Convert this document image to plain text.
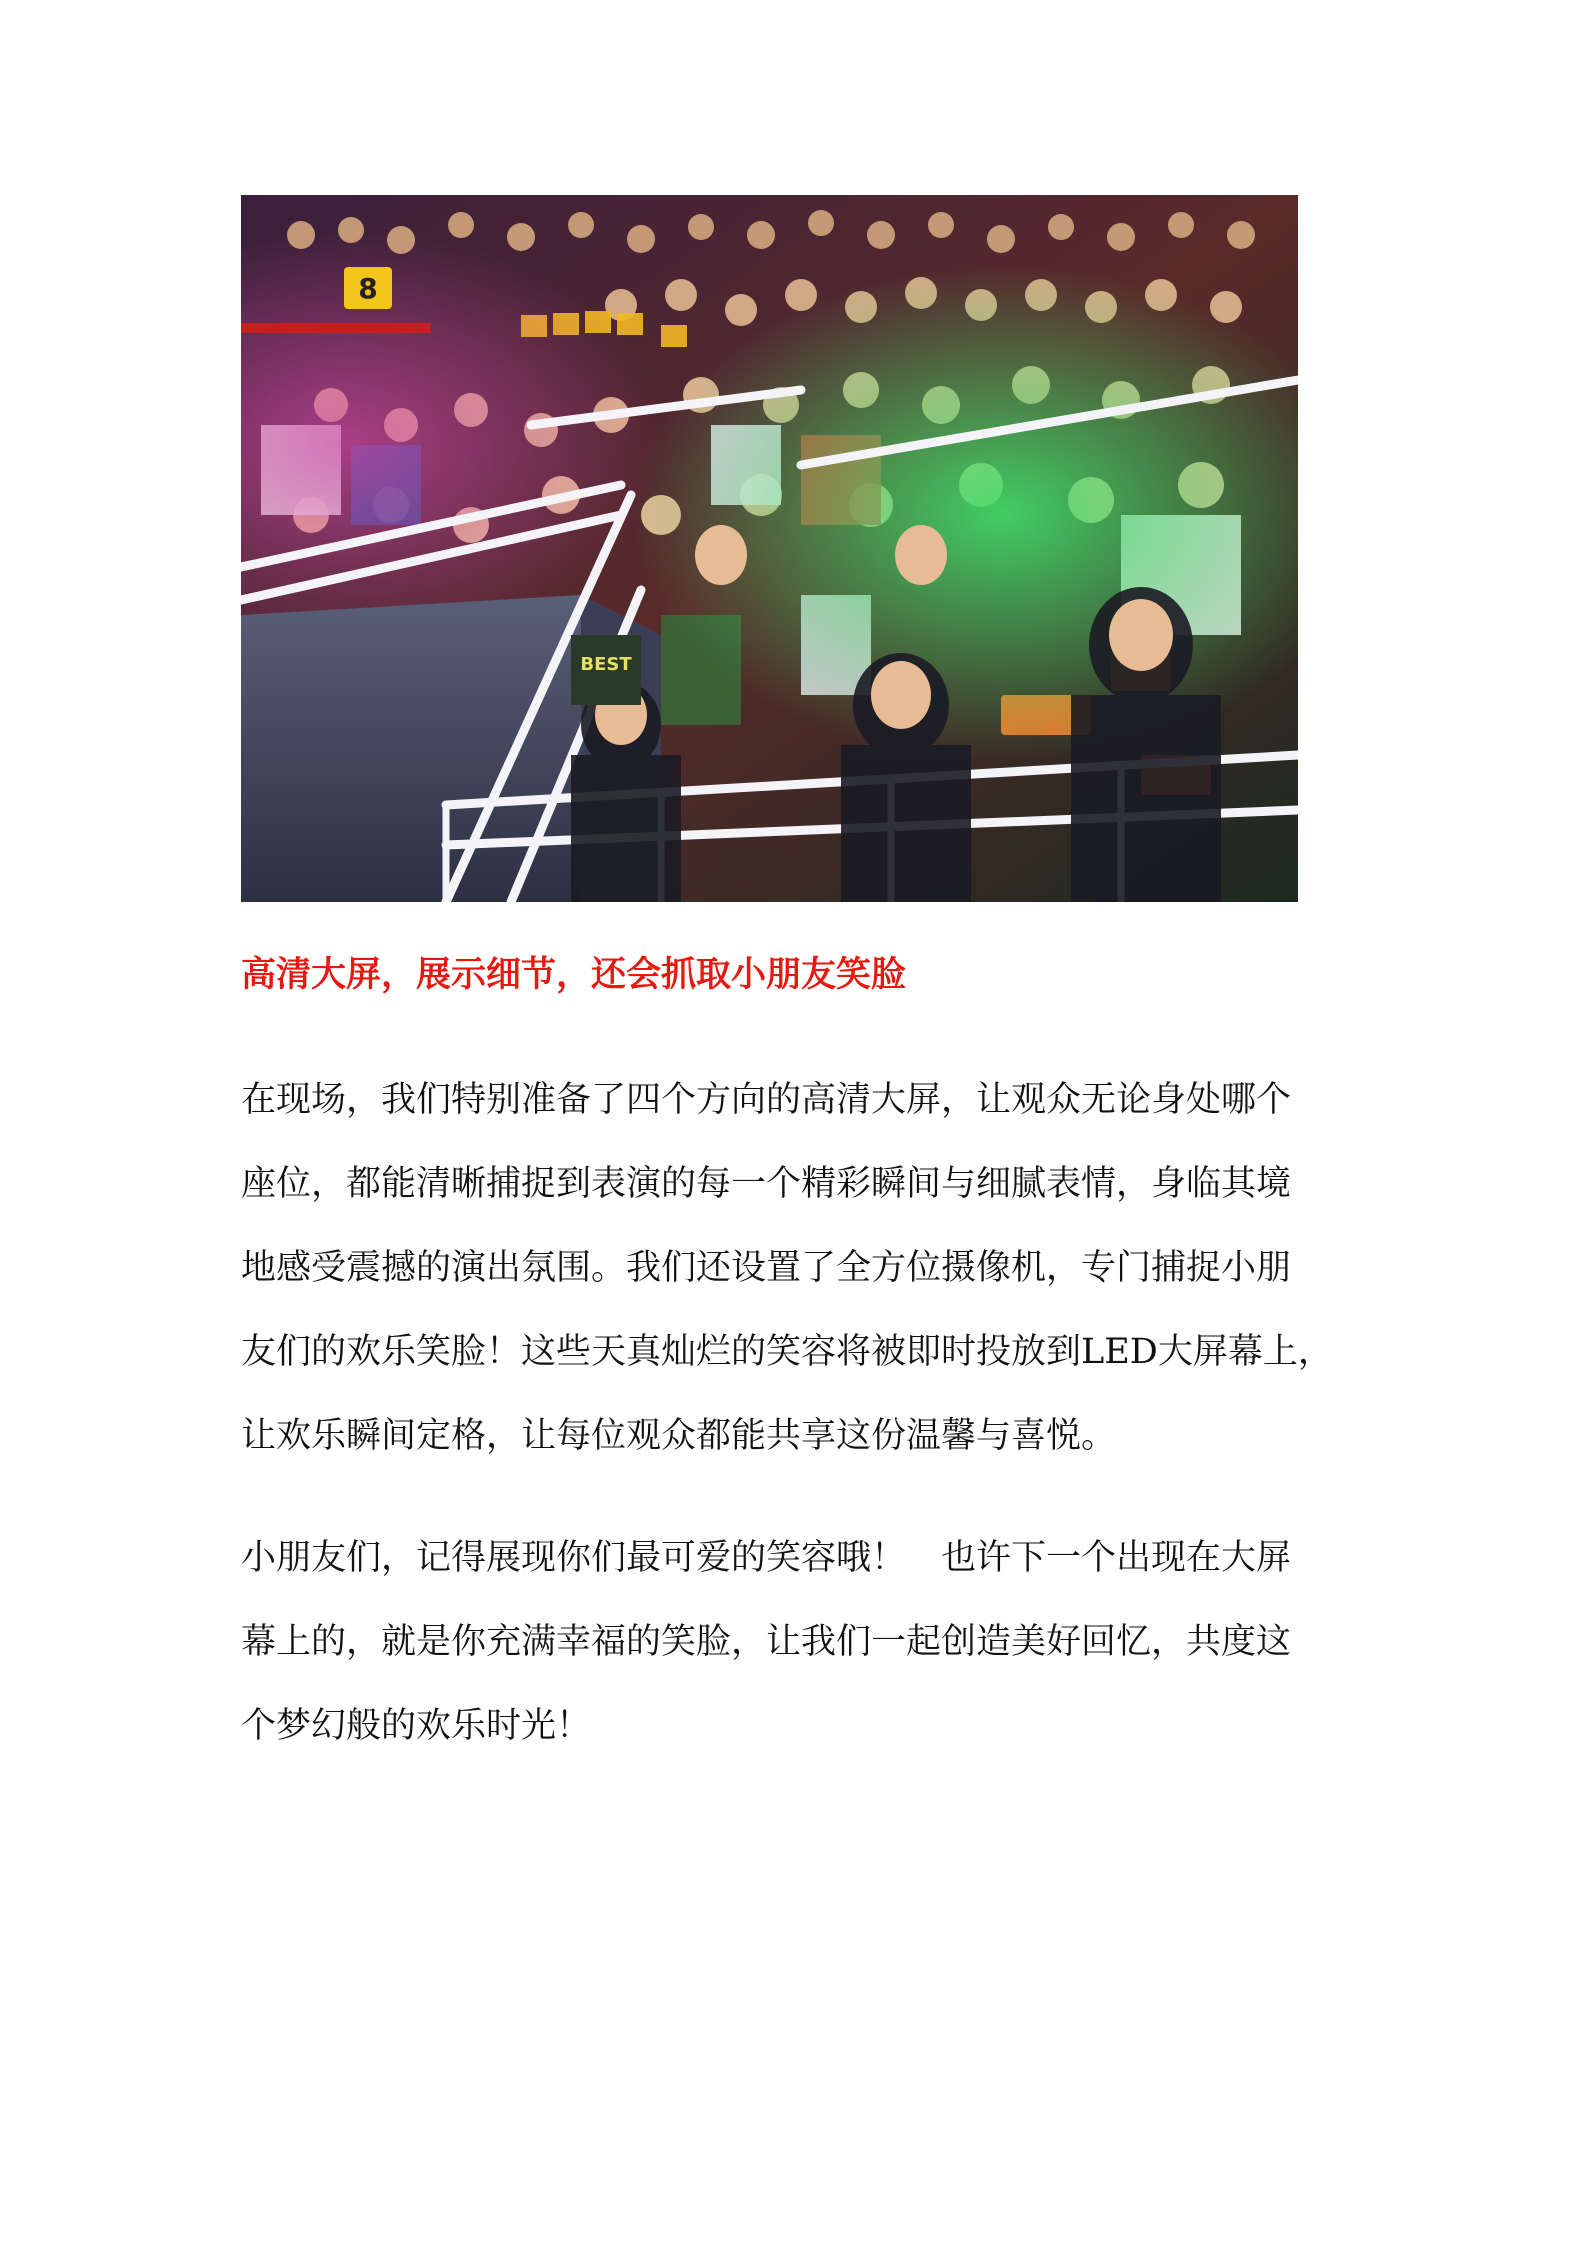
8
BEST
高清大屏，展示细节，还会抓取小朋友笑脸
在现场，我们特别准备了四个方向的高清大屏，让观众无论身处哪个
座位，都能清晰捕捉到表演的每一个精彩瞬间与细腻表情，身临其境
地感受震撼的演出氛围。我们还设置了全方位摄像机，专门捕捉小朋
友们的欢乐笑脸！这些天真灿烂的笑容将被即时投放到LED大屏幕上，
让欢乐瞬间定格，让每位观众都能共享这份温馨与喜悦。
小朋友们，记得展现你们最可爱的笑容哦！　也许下一个出现在大屏
幕上的，就是你充满幸福的笑脸，让我们一起创造美好回忆，共度这
个梦幻般的欢乐时光！
